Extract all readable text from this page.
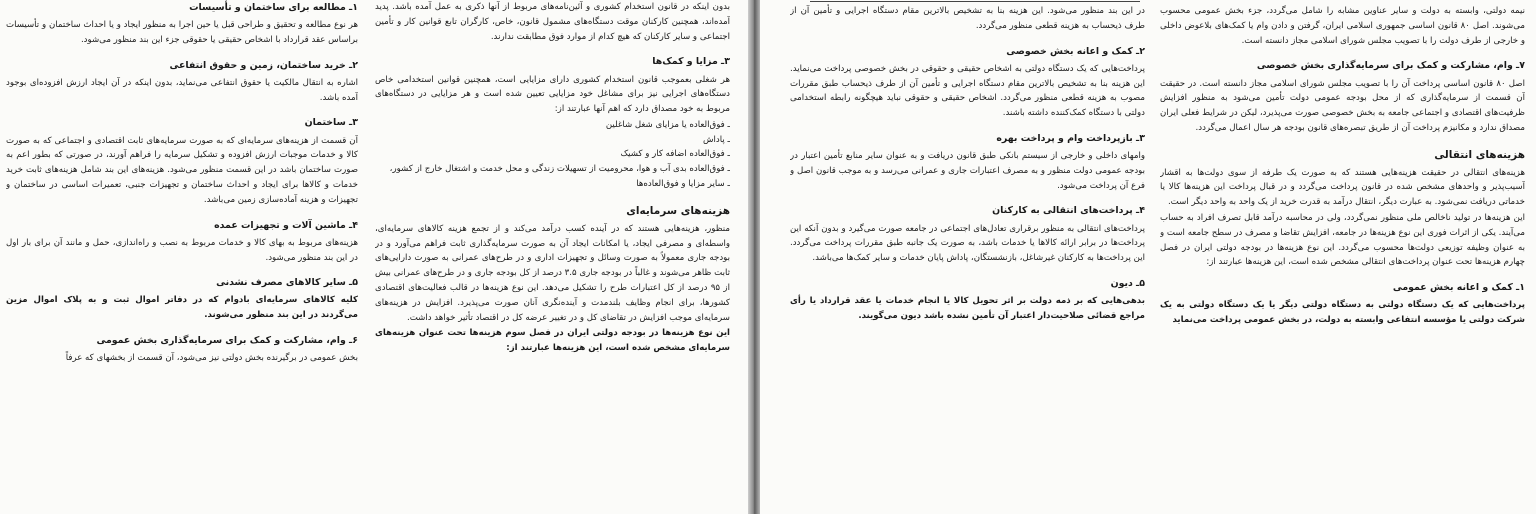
بدون اینکه در قانون استخدام کشوری و آئین‌نامه‌های مربوط از آنها ذکری به عمل آمده باشد. پدید آمده‌اند، همچنین کارکنان موقت دستگاه‌های مشمول قانون، خاص، کارگران تابع قوانین کار و تأمین اجتماعی و سایر کارکنان که هیچ کدام از موارد فوق مطابقت ندارند.

۳ـ مزایا و کمک‌ها

هر شغلی بعموجب قانون استخدام کشوری دارای مزایایی است، همچنین قوانین استخدامی خاص دستگاه‌های اجرایی نیز برای مشاغل خود مزایایی تعیین شده است و هر مزایایی در دستگاه‌های مربوط به خود مصداق دارد که اهم آنها عبارتند از:

ـ فوق‌العاده یا مزایای شغل شاغلین
ـ پاداش
ـ فوق‌العاده اضافه کار و کشیک
ـ فوق‌العاده بدی آب و هوا، محرومیت از تسهیلات زندگی و محل خدمت و اشتغال خارج از کشور،
ـ سایر مزایا و فوق‌العاده‌ها
هزینه‌های سرمایه‌ای

منظور، هزینه‌هایی هستند که در آینده کسب درآمد می‌کند و از تجمع هزینه کالاهای سرمایه‌ای، واسطه‌ای و مصرفی ایجاد، یا امکانات ایجاد آن به صورت سرمایه‌گذاری ثابت فراهم می‌آورد و در بودجه جاری معمولاً به صورت وسائل و تجهیزات اداری و در طرح‌های عمرانی به صورت دارایی‌های ثابت ظاهر می‌شوند و غالباً در بودجه جاری ۳.۵ درصد از کل بودجه جاری و در طرح‌های عمرانی بیش از ۹۵ درصد از کل اعتبارات طرح را تشکیل می‌دهد. این نوع هزینه‌ها در قالب فعالیت‌های اقتصادی کشورها، برای انجام وظایف بلندمدت و آینده‌نگری آنان صورت می‌پذیرد. افزایش در هزینه‌های سرمایه‌ای موجب افزایش در تقاضای کل و در تغییر عرضه کل در اقتصاد تأثیر خواهد داشت.

این نوع هزینه‌ها در بودجه دولتی ایران در فصل سوم هزینه‌ها تحت عنوان هزینه‌های سرمایه‌ای مشخص شده است، این هزینه‌ها عبارتند از:

۱ـ مطالعه برای ساختمان و تأسیسات

هر نوع مطالعه و تحقیق و طراحی قبل یا حین اجرا به منظور ایجاد و یا احداث ساختمان و تأسیسات براساس عقد قرارداد با اشخاص حقیقی یا حقوقی جزء این بند منظور می‌شود.

۲ـ خرید ساختمان، زمین و حقوق انتفاعی

اشاره به انتقال مالکیت یا حقوق انتفاعی می‌نماید، بدون اینکه در آن ایجاد ارزش افزوده‌ای بوجود آمده باشد.

۳ـ ساختمان

آن قسمت از هزینه‌های سرمایه‌ای که به صورت سرمایه‌های ثابت اقتصادی و اجتماعی که به صورت کالا و خدمات موجبات ارزش افزوده و تشکیل سرمایه را فراهم آورند، در صورتی که بطور اعم به صورت ساختمان باشد در این قسمت منظور می‌شود. هزینه‌های این بند شامل هزینه‌های ثابت خرید خدمات و کالاها برای ایجاد و احداث ساختمان و تجهیزات جنبی، تعمیرات اساسی در ساختمان و تجهیزات و هزینه آماده‌سازی زمین می‌باشد.

۴ـ ماشین آلات و تجهیزات عمده

هزینه‌های مربوط به بهای کالا و خدمات مربوط به نصب و راه‌اندازی، حمل و مانند آن برای بار اول در این بند منظور می‌شود.

۵ـ سایر کالاهای مصرف نشدنی

کلیه کالاهای سرمایه‌ای بادوام که در دفاتر اموال ثبت و به پلاک اموال مزین می‌گردند در این بند منظور می‌شوند.

۶ـ وام، مشارکت و کمک برای سرمایه‌گذاری بخش عمومی

بخش عمومی در برگیرنده بخش دولتی نیز می‌شود، آن قسمت از بخشهای که عرفاً

نیمه دولتی، وابسته به دولت و سایر عناوین مشابه را شامل می‌گردد، جزء بخش عمومی محسوب می‌شوند. اصل ۸۰ قانون اساسی جمهوری اسلامی ایران، گرفتن و دادن وام یا کمک‌های بلاعوض داخلی و خارجی از طرف دولت را با تصویب مجلس شورای اسلامی مجاز دانسته است.

۷ـ وام، مشارکت و کمک برای سرمایه‌گذاری بخش خصوصی

اصل ۸۰ قانون اساسی پرداخت آن را با تصویب مجلس شورای اسلامی مجاز دانسته است. در حقیقت آن قسمت از سرمایه‌گذاری که از محل بودجه عمومی دولت تأمین می‌شود به منظور افزایش ظرفیت‌های اقتصادی و اجتماعی جامعه به بخش خصوصی صورت می‌پذیرد، لیکن در شرایط فعلی ایران مصداق ندارد و مکانیزم پرداخت آن از طریق تبصره‌های قانون بودجه هر سال اعمال می‌گردد.

هزینه‌های انتقالی

هزینه‌های انتقالی در حقیقت هزینه‌هایی هستند که به صورت یک طرفه از سوی دولت‌ها به اقشار آسیب‌پذیر و واحدهای مشخص شده در قانون پرداخت می‌گردد و در قبال پرداخت این هزینه‌ها کالا یا خدماتی دریافت نمی‌شود. به عبارت دیگر، انتقال درآمد به قدرت خرید از یک واحد به واحد دیگر است.

این هزینه‌ها در تولید ناخالص ملی منظور نمی‌گردد، ولی در محاسبه درآمد قابل تصرف افراد به حساب می‌آیند. یکی از اثرات فوری این نوع هزینه‌ها در جامعه، افزایش تقاضا و مصرف در سطح جامعه است و به عنوان وظیفه توزیعی دولت‌ها محسوب می‌گردد. این نوع هزینه‌ها در بودجه دولتی ایران در فصل چهارم هزینه‌ها تحت عنوان پرداخت‌های انتقالی مشخص شده است، این هزینه‌ها عبارتند از:

۱ـ کمک و اعانه بخش عمومی

پرداخت‌هایی که یک دستگاه دولتی به دستگاه دولتی دیگر یا یک دستگاه دولتی به یک شرکت دولتی یا مؤسسه انتفاعی وابسته به دولت، در بخش عمومی پرداخت می‌نماید

در این بند منظور می‌شود. این هزینه بنا به تشخیص بالاترین مقام دستگاه اجرایی و تأمین آن از طرف ذیحساب به هزینه قطعی منظور می‌گردد.

۲ـ کمک و اعانه بخش خصوصی

پرداخت‌هایی که یک دستگاه دولتی به اشخاص حقیقی و حقوقی در بخش خصوصی پرداخت می‌نماید. این هزینه بنا به تشخیص بالاترین مقام دستگاه اجرایی و تأمین آن از طرف ذیحساب طبق مقررات مصوب به هزینه قطعی منظور می‌گردد. اشخاص حقیقی و حقوقی نباید هیچگونه رابطه استخدامی دولتی با دستگاه کمک‌کننده داشته باشند.

۳ـ بازپرداخت وام و پرداخت بهره

وامهای داخلی و خارجی از سیستم بانکی طبق قانون دریافت و به عنوان سایر منابع تأمین اعتبار در بودجه عمومی دولت منظور و به مصرف اعتبارات جاری و عمرانی می‌رسد و به موجب قانون اصل و فرع آن پرداخت می‌شود.

۴ـ پرداخت‌های انتقالی به کارکنان

پرداخت‌های انتقالی به منظور برقراری تعادل‌های اجتماعی در جامعه صورت می‌گیرد و بدون آنکه این پرداخت‌ها در برابر ارائه کالاها یا خدمات باشد، به صورت یک جانبه طبق مقررات پرداخت می‌گردد. این پرداخت‌ها به کارکنان غیرشاغل، بازنشستگان، پاداش پایان خدمات و سایر کمک‌ها می‌باشد.

۵ـ دیون

بدهی‌هایی که بر ذمه دولت بر اثر تحویل کالا یا انجام خدمات یا عقد قرارداد یا رأی مراجع قضائی صلاحیت‌دار اعتبار آن تأمین نشده باشد دیون می‌گویند.
